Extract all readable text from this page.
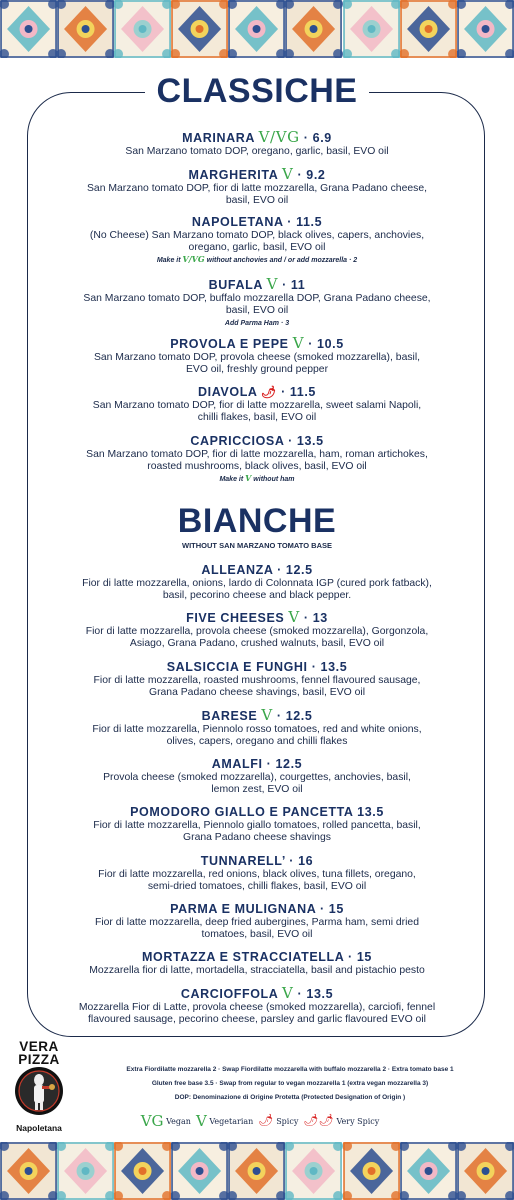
CLASSICHE
MARINARA V/VG · 6.9
San Marzano tomato DOP, oregano, garlic, basil, EVO oil
MARGHERITA V · 9.2
San Marzano tomato DOP, fior di latte mozzarella, Grana Padano cheese,
basil, EVO oil
NAPOLETANA · 11.5
(No Cheese) San Marzano tomato DOP, black olives, capers, anchovies,
oregano, garlic, basil, EVO oil
Make it V/VG without anchovies and / or add mozzarella · 2
BUFALA V · 11
San Marzano tomato DOP, buffalo mozzarella DOP, Grana Padano cheese,
basil, EVO oil
Add Parma Ham · 3
PROVOLA E PEPE V · 10.5
San Marzano tomato DOP, provola cheese (smoked mozzarella), basil,
EVO oil, freshly ground pepper
DIAVOLA 🌶 · 11.5
San Marzano tomato DOP, fior di latte mozzarella, sweet salami Napoli,
chilli flakes, basil, EVO oil
CAPRICCIOSA · 13.5
San Marzano tomato DOP, fior di latte mozzarella, ham, roman artichokes,
roasted mushrooms, black olives, basil, EVO oil
Make it V without ham
BIANCHE
WITHOUT SAN MARZANO TOMATO BASE
ALLEANZA · 12.5
Fior di latte mozzarella, onions, lardo di Colonnata IGP (cured pork fatback),
basil, pecorino cheese and black pepper.
FIVE CHEESES V · 13
Fior di latte mozzarella, provola cheese (smoked mozzarella), Gorgonzola,
Asiago, Grana Padano, crushed walnuts, basil, EVO oil
SALSICCIA E FUNGHI · 13.5
Fior di latte mozzarella, roasted mushrooms, fennel flavoured sausage,
Grana Padano cheese shavings, basil, EVO oil
BARESE V · 12.5
Fior di latte mozzarella, Piennolo rosso tomatoes, red and white onions,
olives, capers, oregano and chilli flakes
AMALFI · 12.5
Provola cheese (smoked mozzarella), courgettes, anchovies, basil,
lemon zest, EVO oil
POMODORO GIALLO E PANCETTA 13.5
Fior di latte mozzarella, Piennolo giallo tomatoes, rolled pancetta, basil,
Grana Padano cheese shavings
TUNNARELL’ · 16
Fior di latte mozzarella, red onions, black olives, tuna fillets, oregano,
semi-dried tomatoes, chilli flakes, basil, EVO oil
PARMA E MULIGNANA · 15
Fior di latte mozzarella, deep fried aubergines, Parma ham, semi dried
tomatoes, basil, EVO oil
MORTAZZA E STRACCIATELLA · 15
Mozzarella fior di latte, mortadella, stracciatella, basil and pistachio pesto
CARCIOFFOLA V · 13.5
Mozzarella Fior di Latte, provola cheese (smoked mozzarella), carciofi, fennel
flavoured sausage, pecorino cheese, parsley and garlic flavoured EVO oil
VERA
PIZZA
Napoletana
Extra Fiordilatte mozzarella 2 · Swap Fiordilatte mozzarella with buffalo mozzarella 2 · Extra tomato base 1
Gluten free base 3.5 · Swap from regular to vegan mozzarella 1 (extra vegan mozzarella 3)
DOP: Denominazione di Origine Protetta (Protected Designation of Origin )
VG Vegan V Vegetarian 🌶 Spicy 🌶🌶 Very Spicy
